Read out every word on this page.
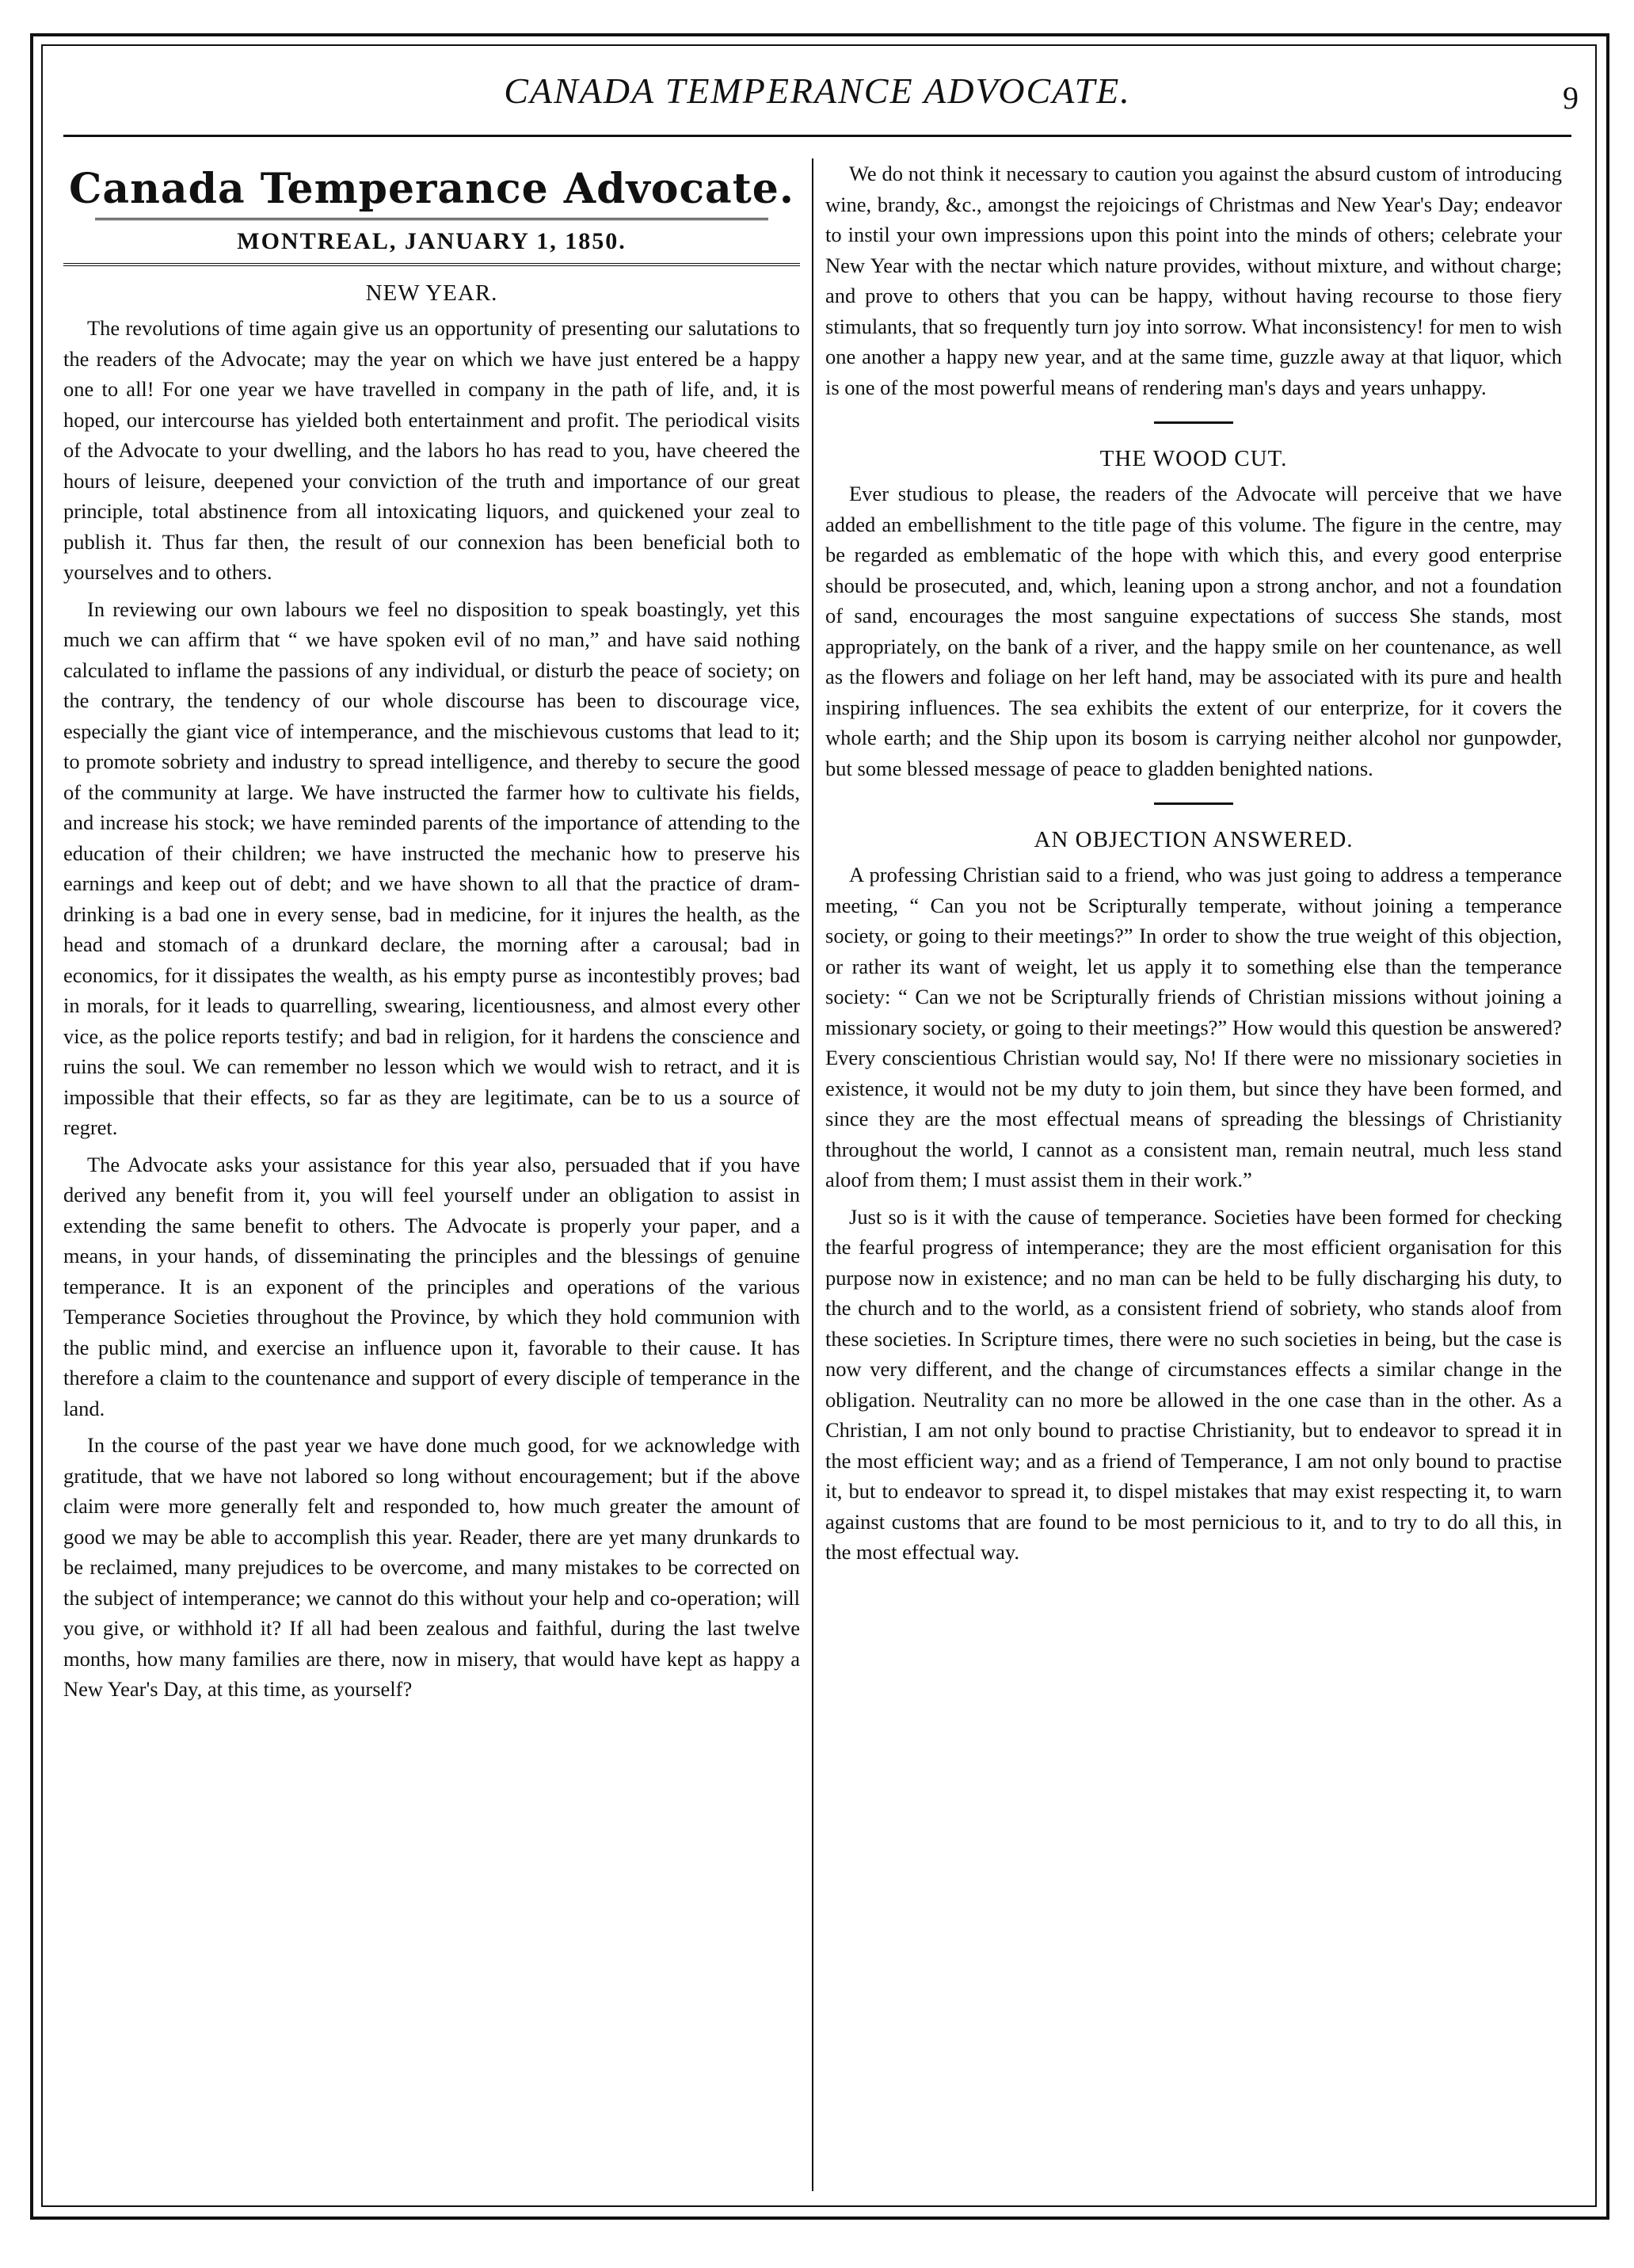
CANADA TEMPERANCE ADVOCATE.	9
Canada Temperance Advocate.
MONTREAL, JANUARY 1, 1850.
NEW YEAR.

The revolutions of time again give us an opportunity of presenting our salutations to the readers of the Advocate; may the year on which we have just entered be a happy one to all! For one year we have travelled in company in the path of life, and, it is hoped, our intercourse has yielded both entertainment and profit. The periodical visits of the Advocate to your dwelling, and the labors ho has read to you, have cheered the hours of leisure, deepened your conviction of the truth and importance of our great principle, total abstinence from all intoxicating liquors, and quickened your zeal to publish it. Thus far then, the result of our connexion has been beneficial both to yourselves and to others.

In reviewing our own labours we feel no disposition to speak boastingly, yet this much we can affirm that “ we have spoken evil of no man,” and have said nothing calculated to inflame the passions of any individual, or disturb the peace of society; on the contrary, the tendency of our whole discourse has been to discourage vice, especially the giant vice of intemperance, and the mischievous customs that lead to it; to promote sobriety and industry to spread intelligence, and thereby to secure the good of the community at large. We have instructed the farmer how to cultivate his fields, and increase his stock; we have reminded parents of the importance of attending to the education of their children; we have instructed the mechanic how to preserve his earnings and keep out of debt; and we have shown to all that the practice of dram-drinking is a bad one in every sense, bad in medicine, for it injures the health, as the head and stomach of a drunkard declare, the morning after a carousal; bad in economics, for it dissipates the wealth, as his empty purse as incontestibly proves; bad in morals, for it leads to quarrelling, swearing, licentiousness, and almost every other vice, as the police reports testify; and bad in religion, for it hardens the conscience and ruins the soul. We can remember no lesson which we would wish to retract, and it is impossible that their effects, so far as they are legitimate, can be to us a source of regret.

The Advocate asks your assistance for this year also, persuaded that if you have derived any benefit from it, you will feel yourself under an obligation to assist in extending the same benefit to others. The Advocate is properly your paper, and a means, in your hands, of disseminating the principles and the blessings of genuine temperance. It is an exponent of the principles and operations of the various Temperance Societies throughout the Province, by which they hold communion with the public mind, and exercise an influence upon it, favorable to their cause. It has therefore a claim to the countenance and support of every disciple of temperance in the land.

In the course of the past year we have done much good, for we acknowledge with gratitude, that we have not labored so long without encouragement; but if the above claim were more generally felt and responded to, how much greater the amount of good we may be able to accomplish this year. Reader, there are yet many drunkards to be reclaimed, many prejudices to be overcome, and many mistakes to be corrected on the subject of intemperance; we cannot do this without your help and co-operation; will you give, or withhold it? If all had been zealous and faithful, during the last twelve months, how many families are there, now in misery, that would have kept as happy a New Year's Day, at this time, as yourself?

We do not think it necessary to caution you against the absurd custom of introducing wine, brandy, &c., amongst the rejoicings of Christmas and New Year's Day; endeavor to instil your own impressions upon this point into the minds of others; celebrate your New Year with the nectar which nature provides, without mixture, and without charge; and prove to others that you can be happy, without having recourse to those fiery stimulants, that so frequently turn joy into sorrow. What inconsistency! for men to wish one another a happy new year, and at the same time, guzzle away at that liquor, which is one of the most powerful means of rendering man's days and years unhappy.

THE WOOD CUT.

Ever studious to please, the readers of the Advocate will perceive that we have added an embellishment to the title page of this volume. The figure in the centre, may be regarded as emblematic of the hope with which this, and every good enterprise should be prosecuted, and, which, leaning upon a strong anchor, and not a foundation of sand, encourages the most sanguine expectations of success She stands, most appropriately, on the bank of a river, and the happy smile on her countenance, as well as the flowers and foliage on her left hand, may be associated with its pure and health inspiring influences. The sea exhibits the extent of our enterprize, for it covers the whole earth; and the Ship upon its bosom is carrying neither alcohol nor gunpowder, but some blessed message of peace to gladden benighted nations.

AN OBJECTION ANSWERED.

A professing Christian said to a friend, who was just going to address a temperance meeting, “ Can you not be Scripturally temperate, without joining a temperance society, or going to their meetings?” In order to show the true weight of this objection, or rather its want of weight, let us apply it to something else than the temperance society: “ Can we not be Scripturally friends of Christian missions without joining a missionary society, or going to their meetings?” How would this question be answered? Every conscientious Christian would say, No! If there were no missionary societies in existence, it would not be my duty to join them, but since they have been formed, and since they are the most effectual means of spreading the blessings of Christianity throughout the world, I cannot as a consistent man, remain neutral, much less stand aloof from them; I must assist them in their work.”

Just so is it with the cause of temperance. Societies have been formed for checking the fearful progress of intemperance; they are the most efficient organisation for this purpose now in existence; and no man can be held to be fully discharging his duty, to the church and to the world, as a consistent friend of sobriety, who stands aloof from these societies. In Scripture times, there were no such societies in being, but the case is now very different, and the change of circumstances effects a similar change in the obligation. Neutrality can no more be allowed in the one case than in the other. As a Christian, I am not only bound to practise Christianity, but to endeavor to spread it in the most efficient way; and as a friend of Temperance, I am not only bound to practise it, but to endeavor to spread it, to dispel mistakes that may exist respecting it, to warn against customs that are found to be most pernicious to it, and to try to do all this, in the most effectual way.
